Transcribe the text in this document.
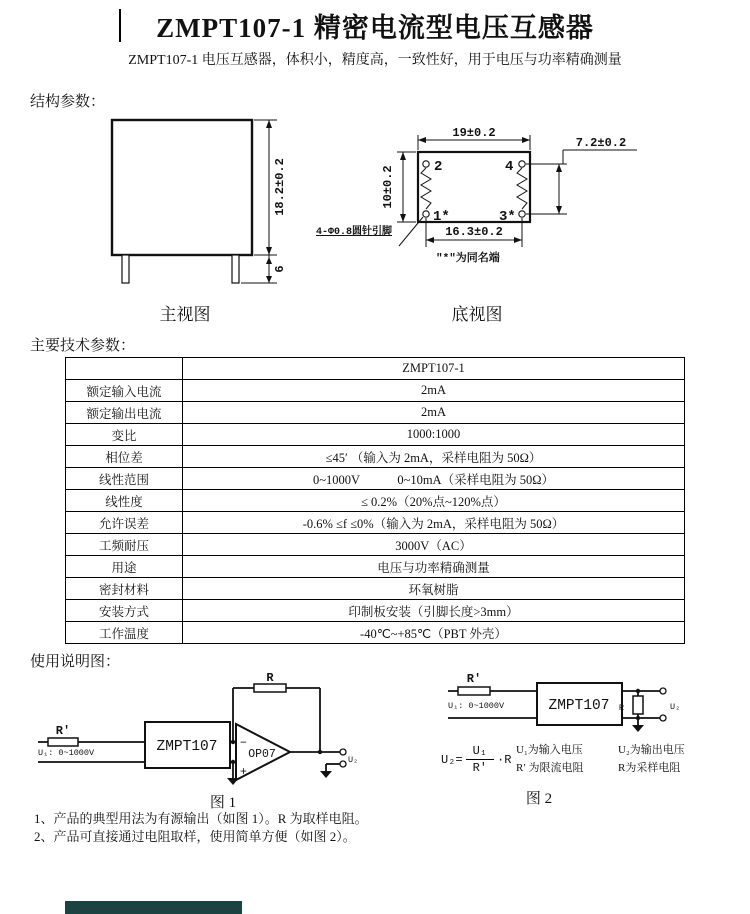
ZMPT107-1 精密电流型电压互感器
ZMPT107-1 电压互感器，体积小，精度高，一致性好，用于电压与功率精确测量
结构参数：
18.2±0.2
6
主视图
2	4
1*	3*
19±0.2
7.2±0.2
10±0.2
16.3±0.2
4-Φ0.8圆针引脚
"*"为同名端
底视图
主要技术参数：
	ZMPT107-1
额定输入电流	2mA
额定输出电流	2mA
变比	1000:1000
相位差	≤45′ （输入为 2mA，采样电阻为 50Ω）
线性范围	0~1000V　　　0~10mA（采样电阻为 50Ω）
线性度	≤ 0.2%（20%点~120%点）
允许误差	-0.6% ≤f ≤0%（输入为 2mA，采样电阻为 50Ω）
工频耐压	3000V（AC）
用途	电压与功率精确测量
密封材料	环氧树脂
安装方式	印制板安装（引脚长度>3mm）
工作温度	-40℃~+85℃（PBT 外壳）
使用说明图：
R′
U₁: 0~1000V	ZMPT107	OP07
−
+
R
U₂
图 1
R′
U₁: 0~1000V	ZMPT107 R	U₂
$U_2= \frac{\text{U₁}}{R'} \cdot R$
U₁为输入电压
R′ 为限流电阻
U₂为输出电压
R为采样电阻
图 2
1、产品的典型用法为有源输出（如图 1）。R 为取样电阻。
2、产品可直接通过电阻取样，使用简单方便（如图 2）。
